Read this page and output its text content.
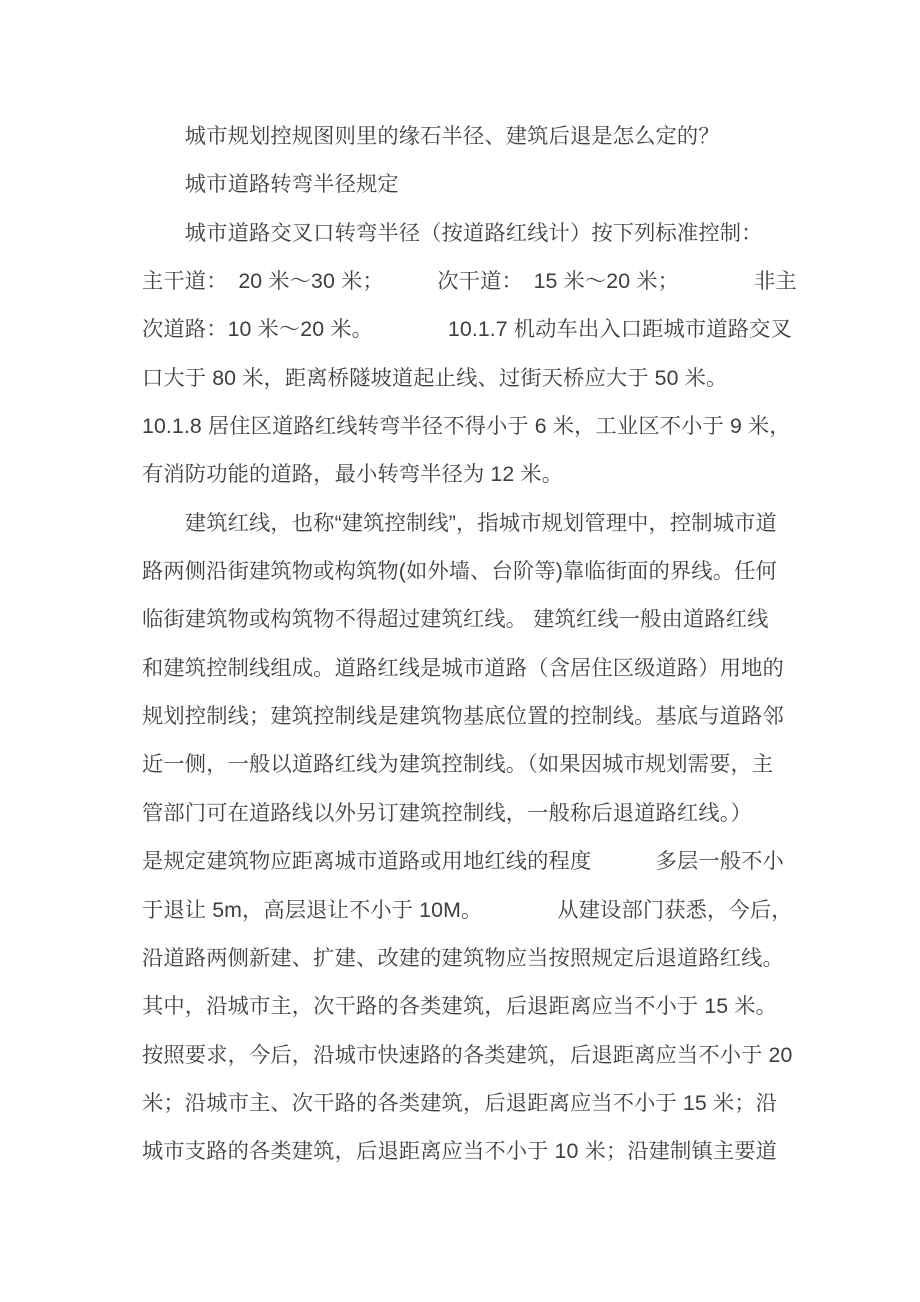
　　城市规划控规图则里的缘石半径、建筑后退是怎么定的？
　　城市道路转弯半径规定
　　城市道路交叉口转弯半径（按道路红线计）按下列标准控制：
主干道：　20 米～30 米；　　　次干道：　15 米～20 米；　　　　非主
次道路：10 米～20 米。　　　　10.1.7 机动车出入口距城市道路交叉
口大于 80 米，距离桥隧坡道起止线、过街天桥应大于 50 米。
10.1.8 居住区道路红线转弯半径不得小于 6 米，工业区不小于 9 米，
有消防功能的道路，最小转弯半径为 12 米。
　　建筑红线，也称“建筑控制线”，指城市规划管理中，控制城市道
路两侧沿街建筑物或构筑物(如外墙、台阶等)靠临街面的界线。任何
临街建筑物或构筑物不得超过建筑红线。 建筑红线一般由道路红线
和建筑控制线组成。道路红线是城市道路（含居住区级道路）用地的
规划控制线；建筑控制线是建筑物基底位置的控制线。基底与道路邻
近一侧，一般以道路红线为建筑控制线。（如果因城市规划需要，主
管部门可在道路线以外另订建筑控制线，一般称后退道路红线。）
是规定建筑物应距离城市道路或用地红线的程度　　　多层一般不小
于退让 5m，高层退让不小于 10M。　　　　从建设部门获悉，今后，
沿道路两侧新建、扩建、改建的建筑物应当按照规定后退道路红线。
其中，沿城市主，次干路的各类建筑，后退距离应当不小于 15 米。
按照要求，今后，沿城市快速路的各类建筑，后退距离应当不小于 20
米；沿城市主、次干路的各类建筑，后退距离应当不小于 15 米；沿
城市支路的各类建筑，后退距离应当不小于 10 米；沿建制镇主要道
